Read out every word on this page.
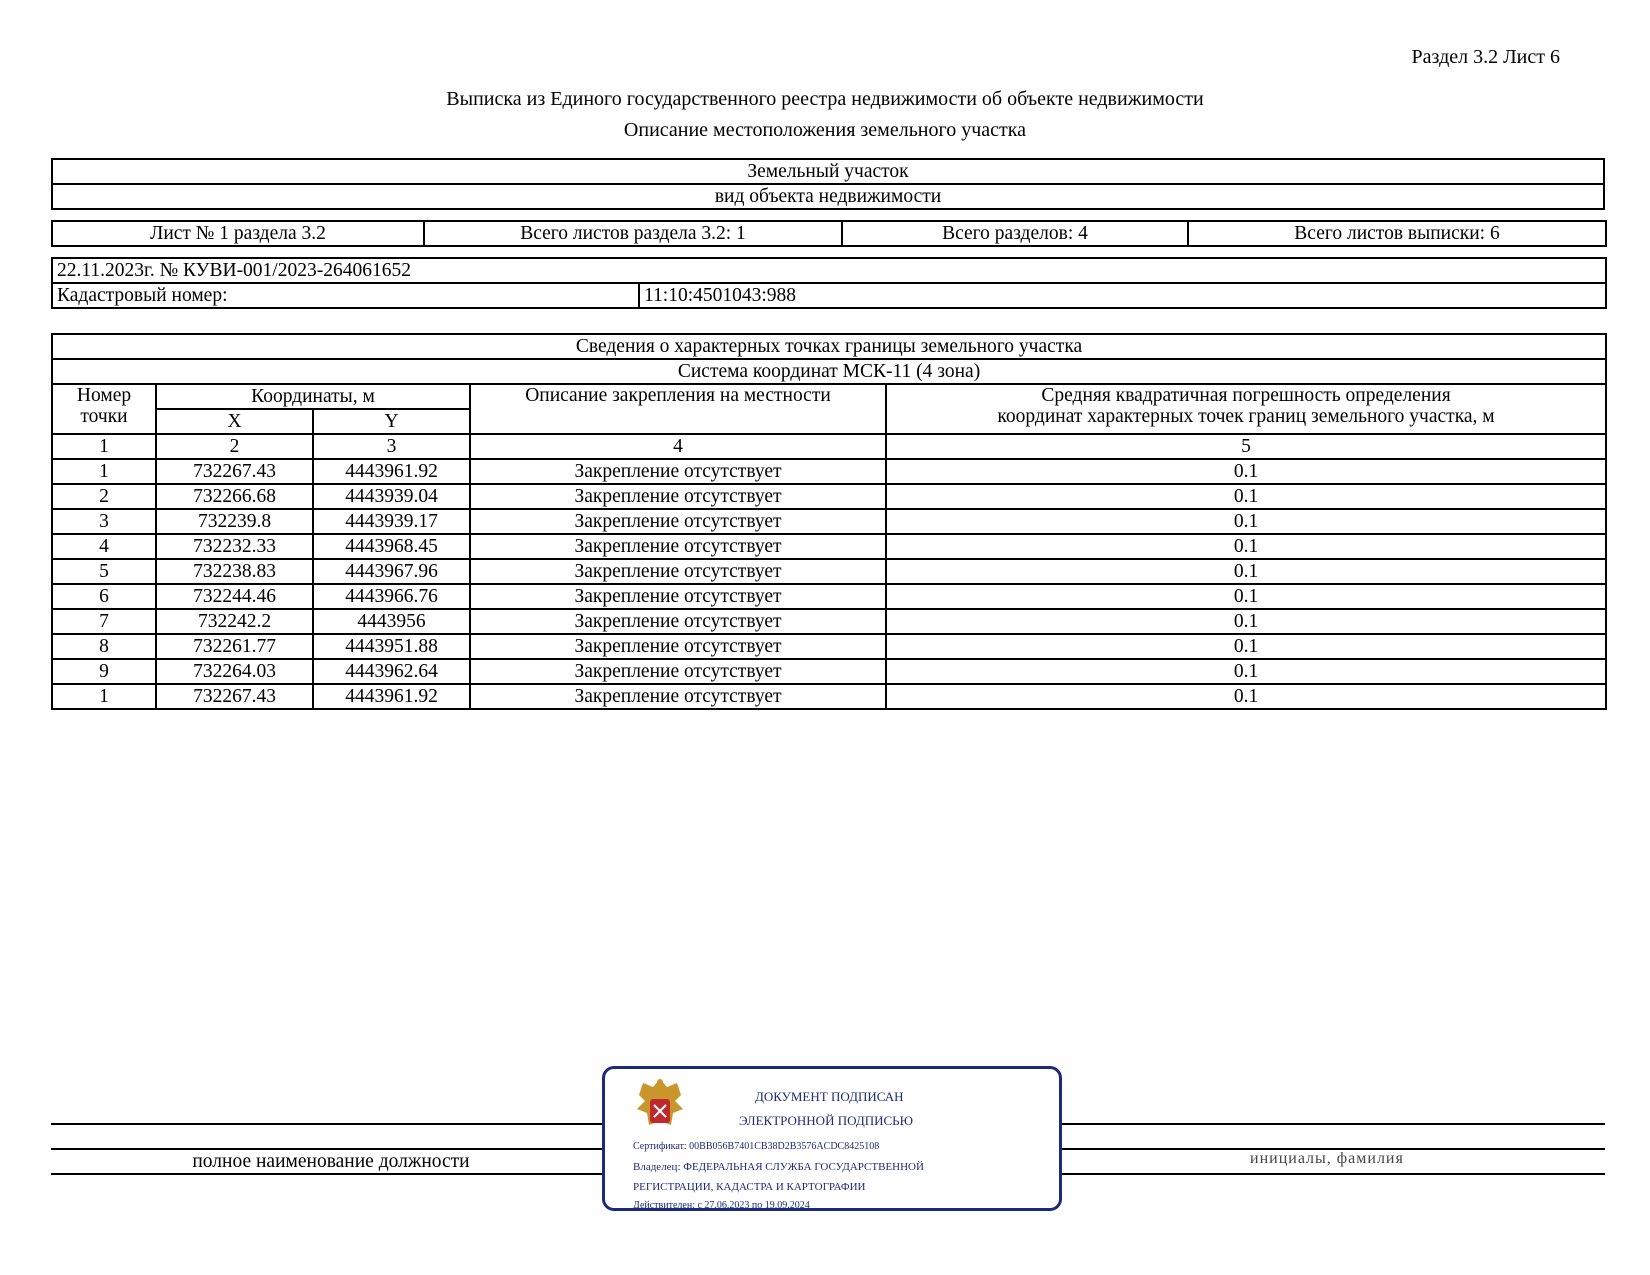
Раздел 3.2 Лист 6
Выписка из Единого государственного реестра недвижимости об объекте недвижимости
Описание местоположения земельного участка
Земельный участок
вид объекта недвижимости
Лист № 1 раздела 3.2	Всего листов раздела 3.2: 1	Всего разделов: 4	Всего листов выписки: 6
22.11.2023г. № КУВИ-001/2023-264061652
Кадастровый номер:	11:10:4501043:988
Сведения о характерных точках границы земельного участка				
Система координат МСК-11 (4 зона)				
Номер точки	Координаты, м		Описание закрепления на местности	Средняя квадратичная погрешность определения
координат характерных точек границ земельного участка, м

	X	Y		
1	2	3	4	5
1	732267.43	4443961.92	Закрепление отсутствует	0.1
2	732266.68	4443939.04	Закрепление отсутствует	0.1
3	732239.8	4443939.17	Закрепление отсутствует	0.1
4	732232.33	4443968.45	Закрепление отсутствует	0.1
5	732238.83	4443967.96	Закрепление отсутствует	0.1
6	732244.46	4443966.76	Закрепление отсутствует	0.1
7	732242.2	4443956	Закрепление отсутствует	0.1
8	732261.77	4443951.88	Закрепление отсутствует	0.1
9	732264.03	4443962.64	Закрепление отсутствует	0.1
1	732267.43	4443961.92	Закрепление отсутствует	0.1

полное наименование должности			инициалы, фамилия
ДОКУМЕНТ ПОДПИСАН
ЭЛЕКТРОННОЙ ПОДПИСЬЮ
Сертификат: 00BB056B7401CB38D2B3576ACDC8425108
Владелец: ФЕДЕРАЛЬНАЯ СЛУЖБА ГОСУДАРСТВЕННОЙ
РЕГИСТРАЦИИ, КАДАСТРА И КАРТОГРАФИИ
Действителен: с 27.06.2023 по 19.09.2024
